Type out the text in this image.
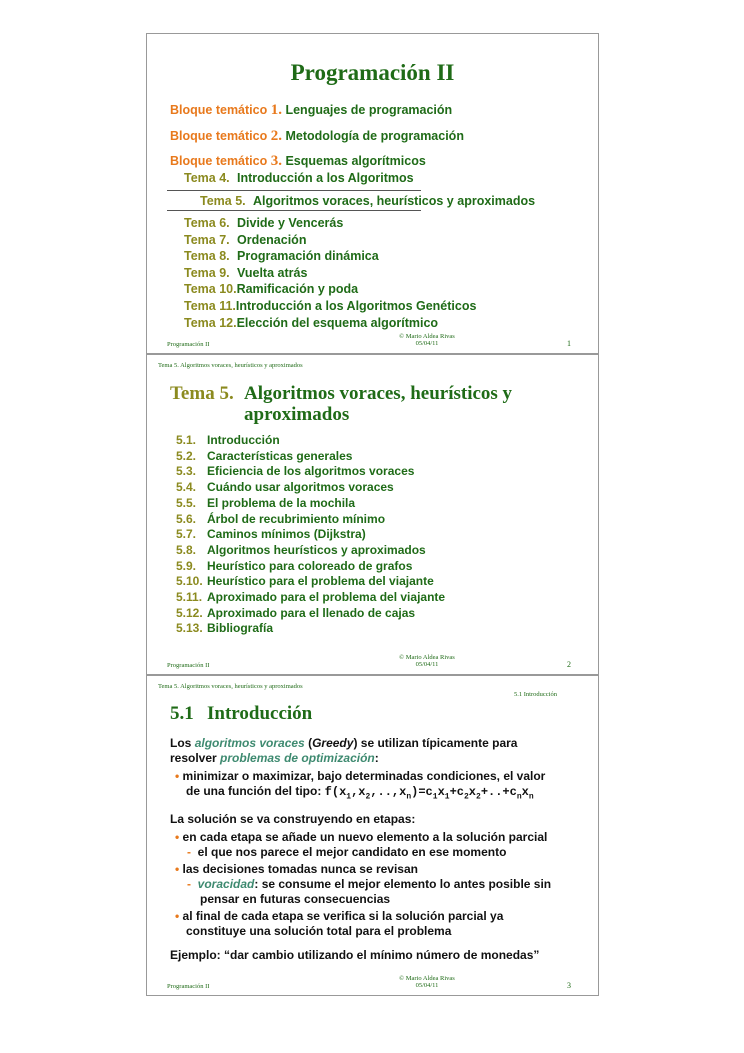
Programación II
Bloque temático 1. Lenguajes de programación
Bloque temático 2. Metodología de programación
Bloque temático 3. Esquemas algorítmicos
Tema 4. Introducción a los Algoritmos
Tema 5. Algoritmos voraces, heurísticos y aproximados
Tema 6. Divide y Vencerás
Tema 7. Ordenación
Tema 8. Programación dinámica
Tema 9. Vuelta atrás
Tema 10.Ramificación y poda
Tema 11.Introducción a los Algoritmos Genéticos
Tema 12.Elección del esquema algorítmico
Programación II
© Mario Aldea Rivas
05/04/11	1
Tema 5. Algoritmos voraces, heurísticos y aproximados
Tema 5. Algoritmos voraces, heurísticos y
aproximados
5.1. Introducción
5.2. Características generales
5.3. Eficiencia de los algoritmos voraces
5.4. Cuándo usar algoritmos voraces
5.5. El problema de la mochila
5.6. Árbol de recubrimiento mínimo
5.7. Caminos mínimos (Dijkstra)
5.8. Algoritmos heurísticos y aproximados
5.9. Heurístico para coloreado de grafos
5.10. Heurístico para el problema del viajante
5.11. Aproximado para el problema del viajante
5.12. Aproximado para el llenado de cajas
5.13. Bibliografía
Programación II
© Mario Aldea Rivas
05/04/11	2
Tema 5. Algoritmos voraces, heurísticos y aproximados
5.1 Introducción
5.1 Introducción
Los algoritmos voraces (Greedy) se utilizan típicamente para
resolver problemas de optimización:
• minimizar o maximizar, bajo determinadas condiciones, el valor
de una función del tipo: $f(x_1,x_2,..,x_n)=c_1x_1+c_2x_2+..+c_nx_n$
La solución se va construyendo en etapas:
• en cada etapa se añade un nuevo elemento a la solución parcial
- el que nos parece el mejor candidato en ese momento
• las decisiones tomadas nunca se revisan
- voracidad: se consume el mejor elemento lo antes posible sin
pensar en futuras consecuencias
• al final de cada etapa se verifica si la solución parcial ya
constituye una solución total para el problema
Ejemplo: “dar cambio utilizando el mínimo número de monedas”
Programación II
© Mario Aldea Rivas
05/04/11	3
